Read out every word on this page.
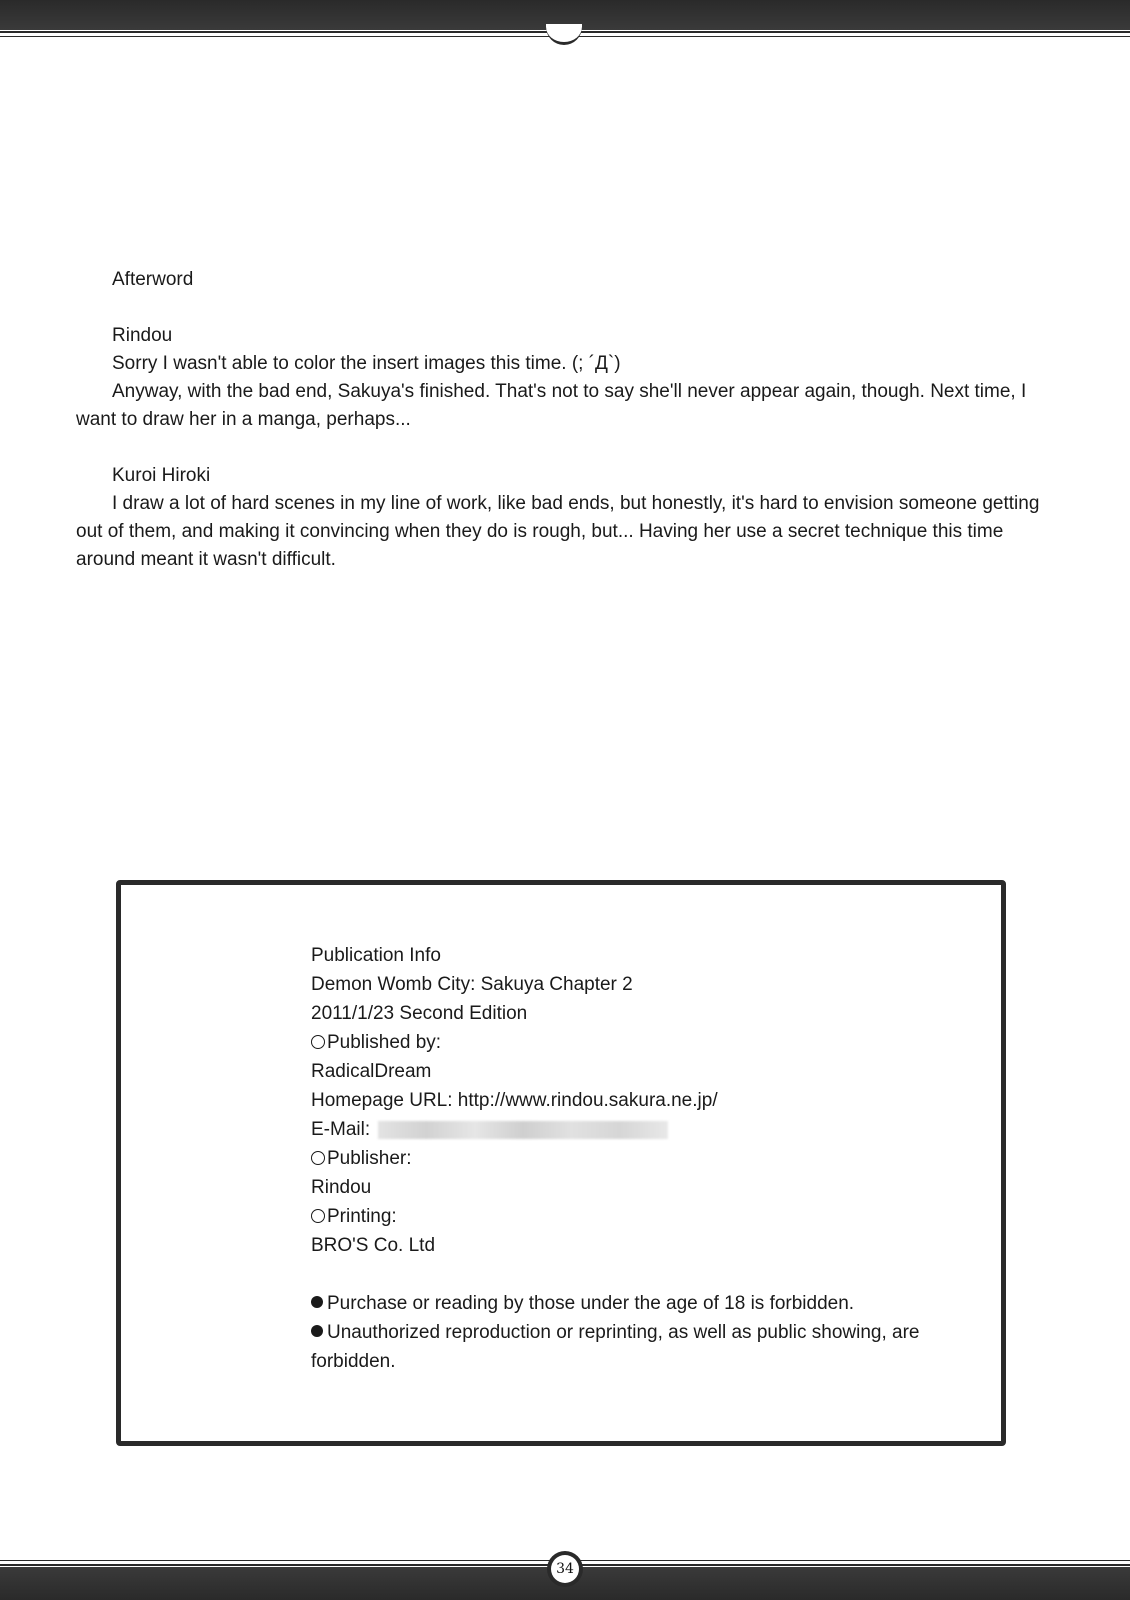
Afterword

Rindou

Sorry I wasn't able to color the insert images this time. (; ´Д`)

Anyway, with the bad end, Sakuya's finished. That's not to say she'll never appear again, though. Next time, I want to draw her in a manga, perhaps...

Kuroi Hiroki

I draw a lot of hard scenes in my line of work, like bad ends, but honestly, it's hard to envision someone getting out of them, and making it convincing when they do is rough, but... Having her use a secret technique this time around meant it wasn't difficult.

Publication Info
Demon Womb City: Sakuya Chapter 2
2011/1/23 Second Edition
Published by:
RadicalDream
Homepage URL: http://www.rindou.sakura.ne.jp/
E-Mail:
Publisher:
Rindou
Printing:
BRO'S Co. Ltd
Purchase or reading by those under the age of 18 is forbidden.
Unauthorized reproduction or reprinting, as well as public showing, are forbidden.
34
